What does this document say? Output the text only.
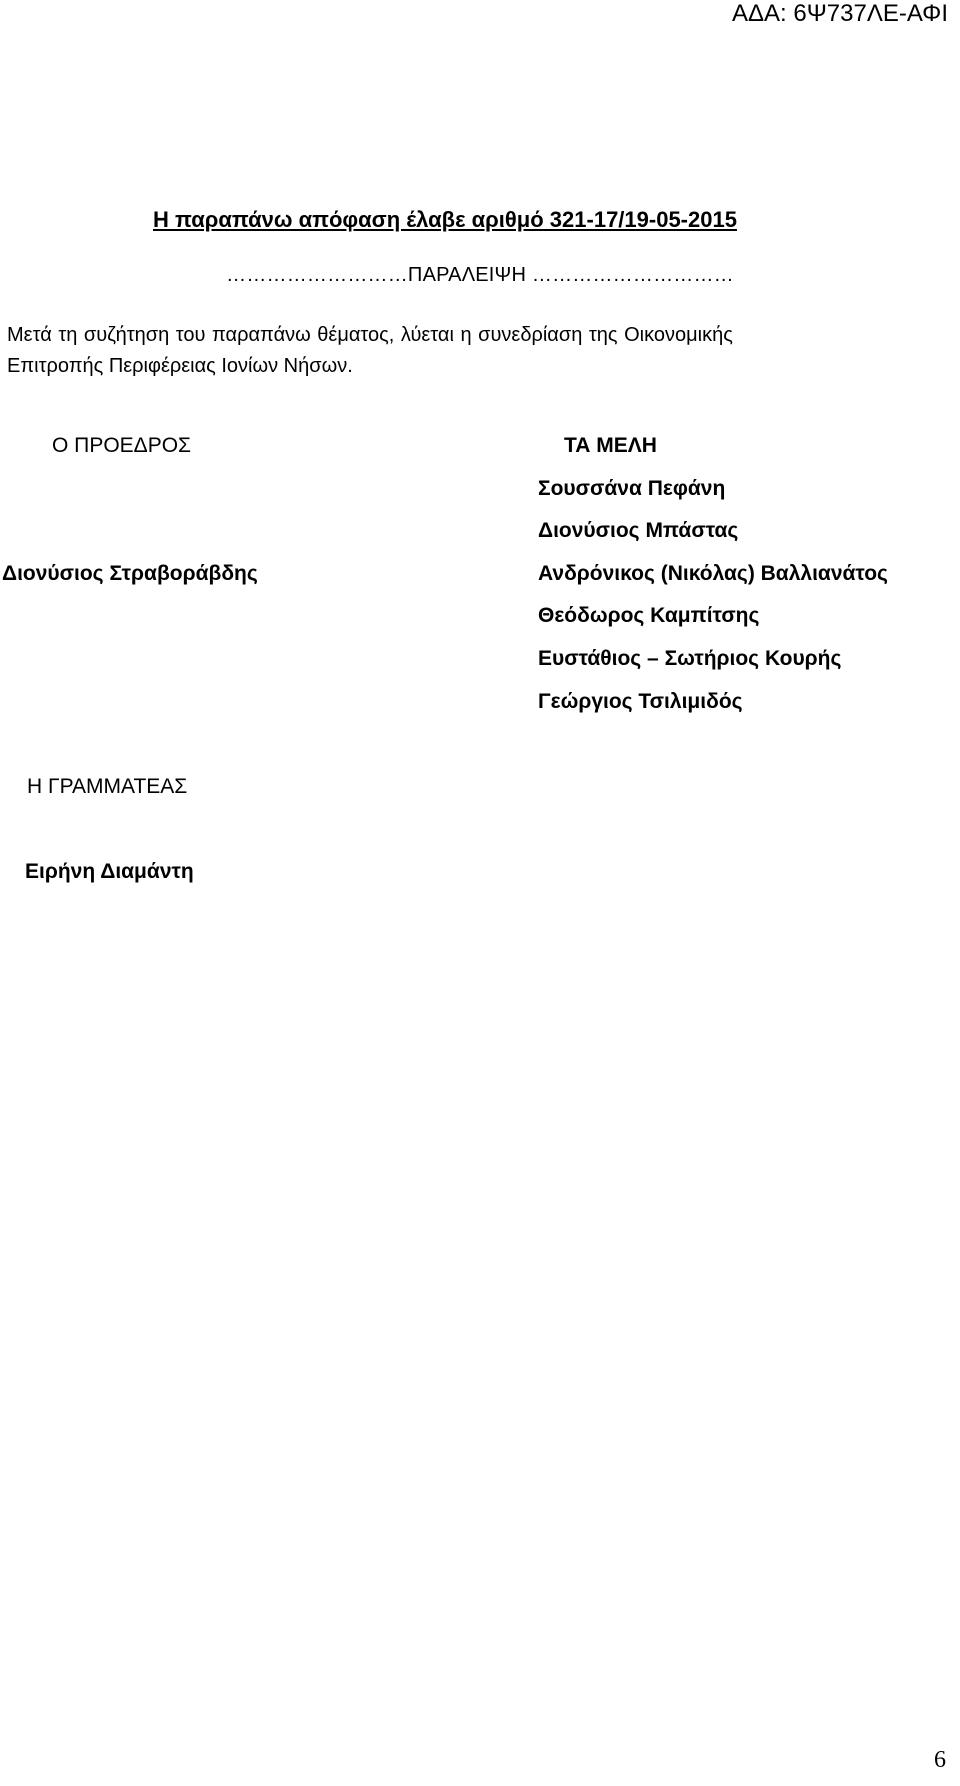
ΑΔΑ: 6Ψ737ΛΕ-ΑΦΙ
Η παραπάνω απόφαση έλαβε αριθμό 321-17/19-05-2015
………………………ΠΑΡΑΛΕΙΨΗ …………………………
Μετά τη συζήτηση του παραπάνω θέματος, λύεται η συνεδρίαση της Οικονομικής
Επιτροπής Περιφέρειας Ιονίων Νήσων.
Ο ΠΡΟΕΔΡΟΣ
Διονύσιος Στραβοράβδης
ΤΑ ΜΕΛΗ
Σουσσάνα Πεφάνη
Διονύσιος Μπάστας
Ανδρόνικος (Νικόλας) Βαλλιανάτος
Θεόδωρος Καμπίτσης
Ευστάθιος – Σωτήριος Κουρής
Γεώργιος Τσιλιμιδός
Η ΓΡΑΜΜΑΤΕΑΣ
Ειρήνη Διαμάντη
6
